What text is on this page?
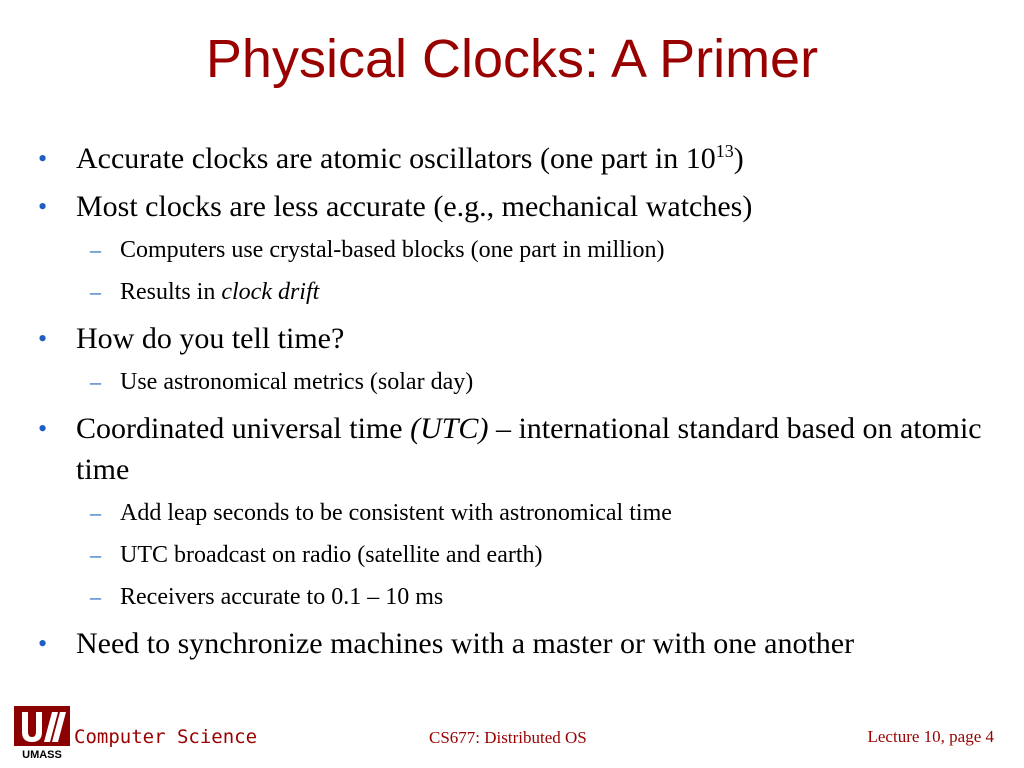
Physical Clocks: A Primer
• Accurate clocks are atomic oscillators (one part in $10^{13}$)
• Most clocks are less accurate (e.g., mechanical watches)
– Computers use crystal-based blocks (one part in million)
– Results in clock drift
• How do you tell time?
– Use astronomical metrics (solar day)
• Coordinated universal time (UTC) – international standard based on atomic time
– Add leap seconds to be consistent with astronomical time
– UTC broadcast on radio (satellite and earth)
– Receivers accurate to 0.1 – 10 ms
• Need to synchronize machines with a master or with one another
UMASS
Computer Science	CS677: Distributed OS	Lecture 10, page 4
